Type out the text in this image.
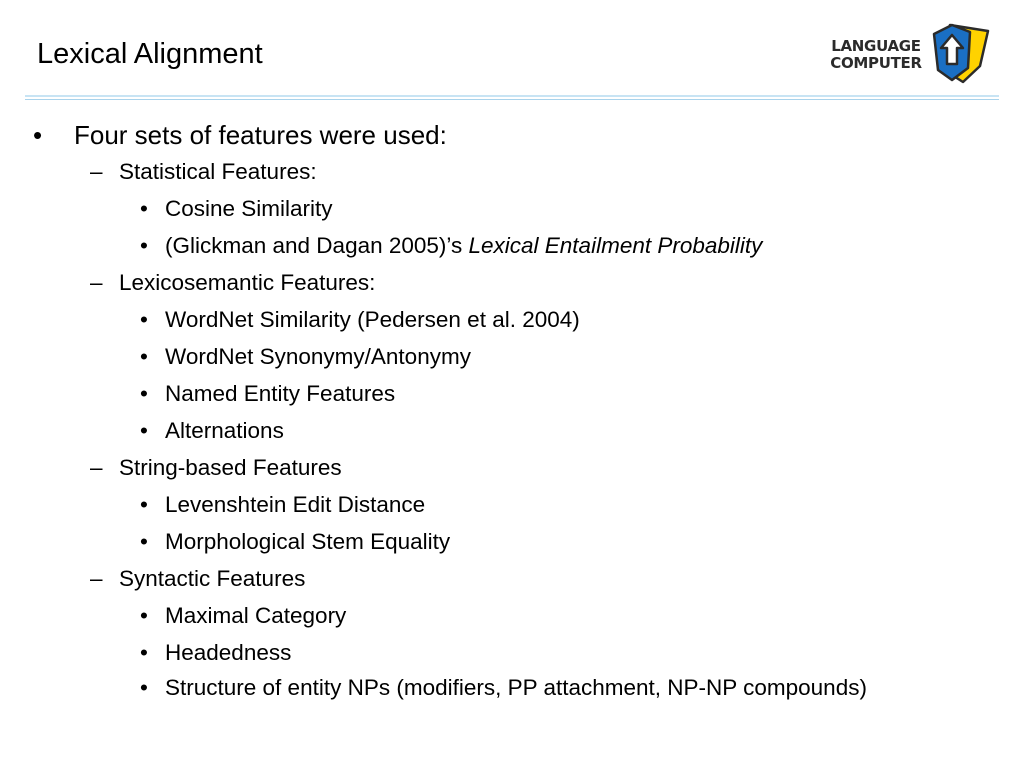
Lexical Alignment	LANGUAGE
COMPUTER
• Four sets of features were used:
– Statistical Features:
• Cosine Similarity
• (Glickman and Dagan 2005)’s Lexical Entailment Probability
– Lexicosemantic Features:
• WordNet Similarity (Pedersen et al. 2004)
• WordNet Synonymy/Antonymy
• Named Entity Features
• Alternations
– String-based Features
• Levenshtein Edit Distance
• Morphological Stem Equality
– Syntactic Features
• Maximal Category
• Headedness
• Structure of entity NPs (modifiers, PP attachment, NP-NP compounds)
